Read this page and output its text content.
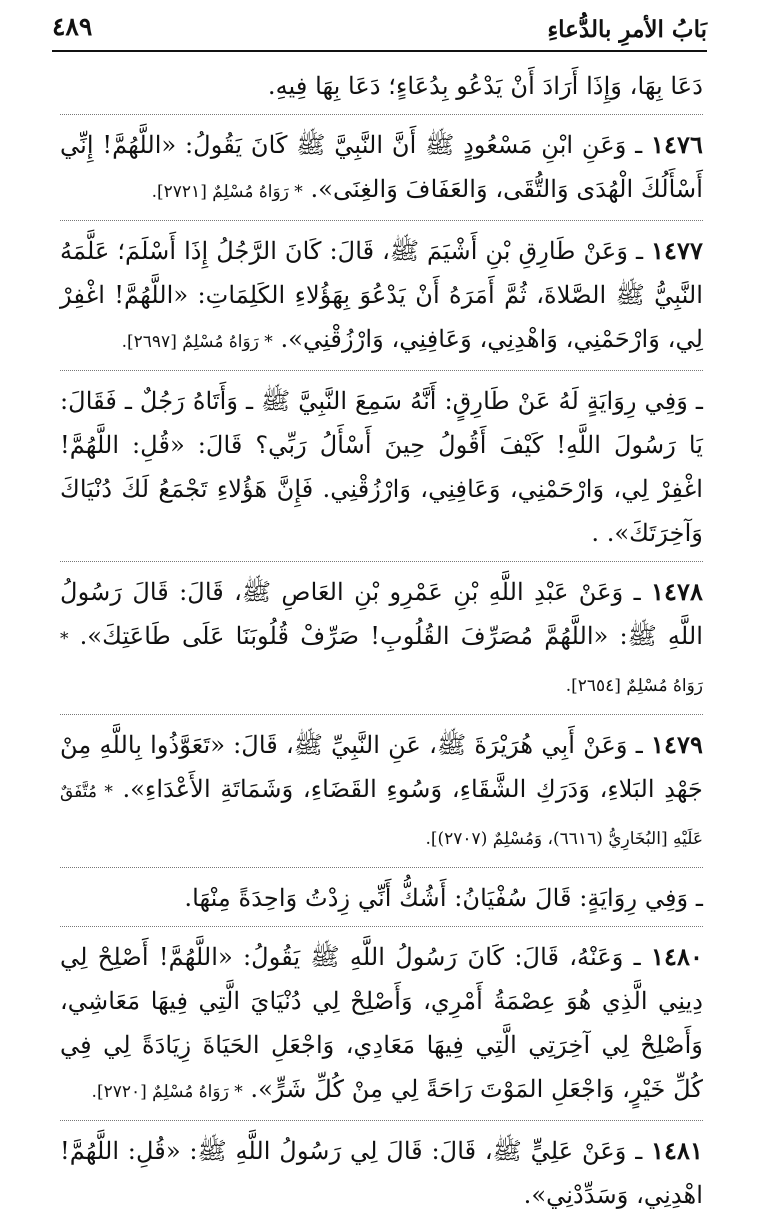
بَابُ الأمرِ بالدُّعاءِ
٤٨٩

دَعَا بِهَا، وَإِذَا أَرَادَ أَنْ يَدْعُو بِدُعَاءٍ؛ دَعَا بِهَا فِيهِ.

١٤٧٦ ـ وَعَنِ ابْنِ مَسْعُودٍ ﷺ أَنَّ النَّبِيَّ ﷺ كَانَ يَقُولُ: «اللَّهُمَّ! إِنِّي أَسْأَلُكَ الْهُدَى وَالتُّقَى، وَالعَفَافَ وَالغِنَى». * رَوَاهُ مُسْلِمٌ [٢٧٢١].

١٤٧٧ ـ وَعَنْ طَارِقِ بْنِ أَشْيَمَ ﷺ، قَالَ: كَانَ الرَّجُلُ إِذَا أَسْلَمَ؛ عَلَّمَهُ النَّبِيُّ ﷺ الصَّلاةَ، ثُمَّ أَمَرَهُ أَنْ يَدْعُوَ بِهَؤُلاءِ الكَلِمَاتِ: «اللَّهُمَّ! اغْفِرْ لِي، وَارْحَمْنِي، وَاهْدِنِي، وَعَافِنِي، وَارْزُقْنِي». * رَوَاهُ مُسْلِمٌ [٢٦٩٧].

ـ وَفِي رِوَايَةٍ لَهُ عَنْ طَارِقٍ: أَنَّهُ سَمِعَ النَّبِيَّ ﷺ ـ وَأَتَاهُ رَجُلٌ ـ فَقَالَ: يَا رَسُولَ اللَّهِ! كَيْفَ أَقُولُ حِينَ أَسْأَلُ رَبِّي؟ قَالَ: «قُلِ: اللَّهُمَّ! اغْفِرْ لِي، وَارْحَمْنِي، وَعَافِنِي، وَارْزُقْنِي. فَإِنَّ هَؤُلاءِ تَجْمَعُ لَكَ دُنْيَاكَ وَآخِرَتَكَ». .

١٤٧٨ ـ وَعَنْ عَبْدِ اللَّهِ بْنِ عَمْرِو بْنِ العَاصِ ﷺ، قَالَ: قَالَ رَسُولُ اللَّهِ ﷺ: «اللَّهُمَّ مُصَرِّفَ القُلُوبِ! صَرِّفْ قُلُوبَنَا عَلَى طَاعَتِكَ». * رَوَاهُ مُسْلِمٌ [٢٦٥٤].

١٤٧٩ ـ وَعَنْ أَبِي هُرَيْرَةَ ﷺ، عَنِ النَّبِيِّ ﷺ، قَالَ: «تَعَوَّذُوا بِاللَّهِ مِنْ جَهْدِ البَلاءِ، وَدَرَكِ الشَّقَاءِ، وَسُوءِ القَضَاءِ، وَشَمَاتَةِ الأَعْدَاءِ». * مُتَّفَقٌ عَلَيْهِ [البُخَارِيُّ (٦٦١٦)، وَمُسْلِمٌ (٢٧٠٧)].

ـ وَفِي رِوَايَةٍ: قَالَ سُفْيَانُ: أَشُكُّ أَنِّي زِدْتُ وَاحِدَةً مِنْهَا.

١٤٨٠ ـ وَعَنْهُ، قَالَ: كَانَ رَسُولُ اللَّهِ ﷺ يَقُولُ: «اللَّهُمَّ! أَصْلِحْ لِي دِينِي الَّذِي هُوَ عِصْمَةُ أَمْرِي، وَأَصْلِحْ لِي دُنْيَايَ الَّتِي فِيهَا مَعَاشِي، وَأَصْلِحْ لِي آخِرَتِي الَّتِي فِيهَا مَعَادِي، وَاجْعَلِ الحَيَاةَ زِيَادَةً لِي فِي كُلِّ خَيْرٍ، وَاجْعَلِ المَوْتَ رَاحَةً لِي مِنْ كُلِّ شَرٍّ». * رَوَاهُ مُسْلِمٌ [٢٧٢٠].

١٤٨١ ـ وَعَنْ عَلِيٍّ ﷺ، قَالَ: قَالَ لِي رَسُولُ اللَّهِ ﷺ: «قُلِ: اللَّهُمَّ! اهْدِنِي، وَسَدِّدْنِي».
